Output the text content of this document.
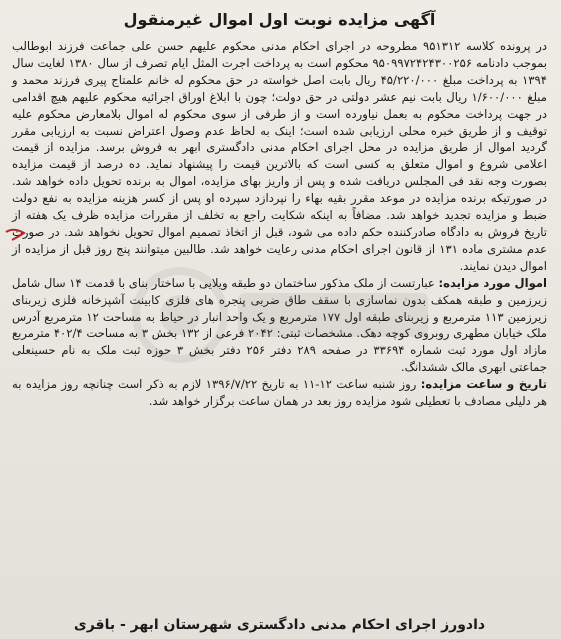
آگهی مزایده نوبت اول اموال غیرمنقول

در پرونده کلاسه ۹۵۱۳۱۲ مطروحه در اجرای احکام مدنی محکوم علیهم حسن علی جماعت فرزند ابوطالب بموجب دادنامه ۹۵۰۹۹۷۲۴۲۴۳۰۰۲۵۶ محکوم است به پرداخت اجرت المثل ایام تصرف از سال ۱۳۸۰ لغایت سال ۱۳۹۴ به پرداخت مبلغ ۴۵/۲۲۰/۰۰۰ ریال بابت اصل خواسته در حق محکوم له خانم علمتاج پیری فرزند محمد و مبلغ ۱/۶۰۰/۰۰۰ ریال بابت نیم عشر دولتی در حق دولت؛ چون با ابلاغ اوراق اجرائیه محکوم علیهم هیچ اقدامی در جهت پرداخت محکوم به بعمل نیاورده است و از طرفی از سوی محکوم له اموال بلامعارض محکوم علیه توقیف و از طریق خبره محلی ارزیابی شده است؛ اینک به لحاظ عدم وصول اعتراض نسبت به ارزیابی مقرر گردید اموال از طریق مزایده در محل اجرای احکام مدنی دادگستری ابهر به فروش برسد. مزایده از قیمت اعلامی شروع و اموال متعلق به کسی است که بالاترین قیمت را پیشنهاد نماید. ده درصد از قیمت مزایده بصورت وجه نقد فی المجلس دریافت شده و پس از واریز بهای مزایده، اموال به برنده تحویل داده خواهد شد. در صورتیکه برنده مزایده در موعد مقرر بقیه بهاء را نپردازد سپرده او پس از کسر هزینه مزایده به نفع دولت ضبط و مزایده تجدید خواهد شد. مضافاً به اینکه شکایت راجع به تخلف از مقررات مزایده ظرف یک هفته از تاریخ فروش به دادگاه صادرکننده حکم داده می شود، قبل از اتخاذ تصمیم اموال تحویل نخواهد شد. در صورت عدم مشتری ماده ۱۳۱ از قانون اجرای احکام مدنی رعایت خواهد شد. طالبین میتوانند پنج روز قبل از مزایده از اموال دیدن نمایند.

اموال مورد مزایده: عبارتست از ملک مذکور ساختمان دو طبقه ویلایی با ساختار بنای با قدمت ۱۴ سال شامل زیرزمین و طبقه همکف بدون نماسازی با سقف طاق ضربی پنجره های فلزی کابینت آشپزخانه فلزی زیربنای زیرزمین ۱۱۳ مترمربع و زیربنای طبقه اول ۱۷۷ مترمربع و یک واحد انبار در حیاط به مساحت ۱۲ مترمربع آدرس ملک خیابان مطهری روبروی کوچه دهک. مشخصات ثبتی: ۲۰۴۲ فرعی از ۱۳۲ بخش ۳ به مساحت ۴۰۲/۴ مترمربع مازاد اول مورد ثبت شماره ۳۳۶۹۴ در صفحه ۲۸۹ دفتر ۲۵۶ دفتر بخش ۳ حوزه ثبت ملک به نام حسینعلی جماعتی ابهری مالک ششدانگ.

تاریخ و ساعت مزایده: روز شنبه ساعت ۱۲-۱۱ به تاریخ ۱۳۹۶/۷/۲۲ لازم به ذکر است چنانچه روز مزایده به هر دلیلی مصادف با تعطیلی شود مزایده روز بعد در همان ساعت برگزار خواهد شد.

دادورز اجرای احکام مدنی دادگستری شهرستان ابهر - باقری
